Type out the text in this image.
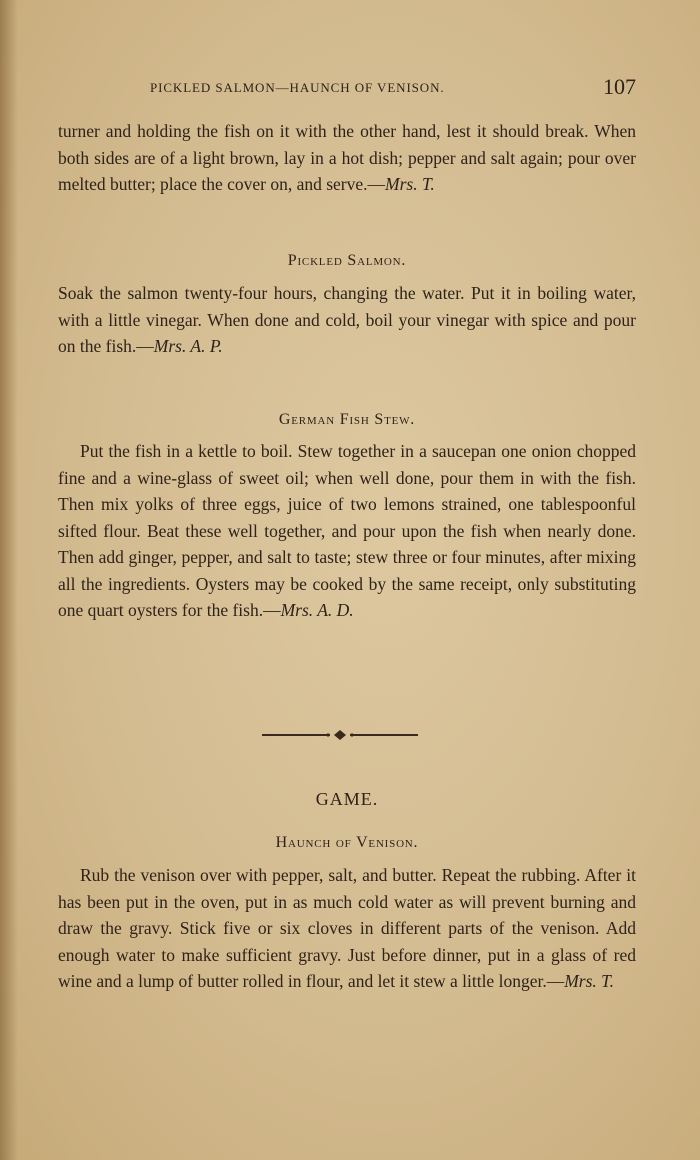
PICKLED SALMON—HAUNCH OF VENISON.	107

turner and holding the fish on it with the other hand, lest it should break. When both sides are of a light brown, lay in a hot dish; pepper and salt again; pour over melted butter; place the cover on, and serve.—Mrs. T.

Pickled Salmon.

Soak the salmon twenty-four hours, changing the water. Put it in boiling water, with a little vinegar. When done and cold, boil your vinegar with spice and pour on the fish.—Mrs. A. P.

German Fish Stew.

Put the fish in a kettle to boil. Stew together in a saucepan one onion chopped fine and a wine-glass of sweet oil; when well done, pour them in with the fish. Then mix yolks of three eggs, juice of two lemons strained, one tablespoonful sifted flour. Beat these well together, and pour upon the fish when nearly done. Then add ginger, pepper, and salt to taste; stew three or four minutes, after mixing all the ingredients. Oysters may be cooked by the same receipt, only substituting one quart oysters for the fish.—Mrs. A. D.

GAME.
Haunch of Venison.

Rub the venison over with pepper, salt, and butter. Repeat the rubbing. After it has been put in the oven, put in as much cold water as will prevent burning and draw the gravy. Stick five or six cloves in different parts of the venison. Add enough water to make sufficient gravy. Just before dinner, put in a glass of red wine and a lump of butter rolled in flour, and let it stew a little longer.—Mrs. T.
